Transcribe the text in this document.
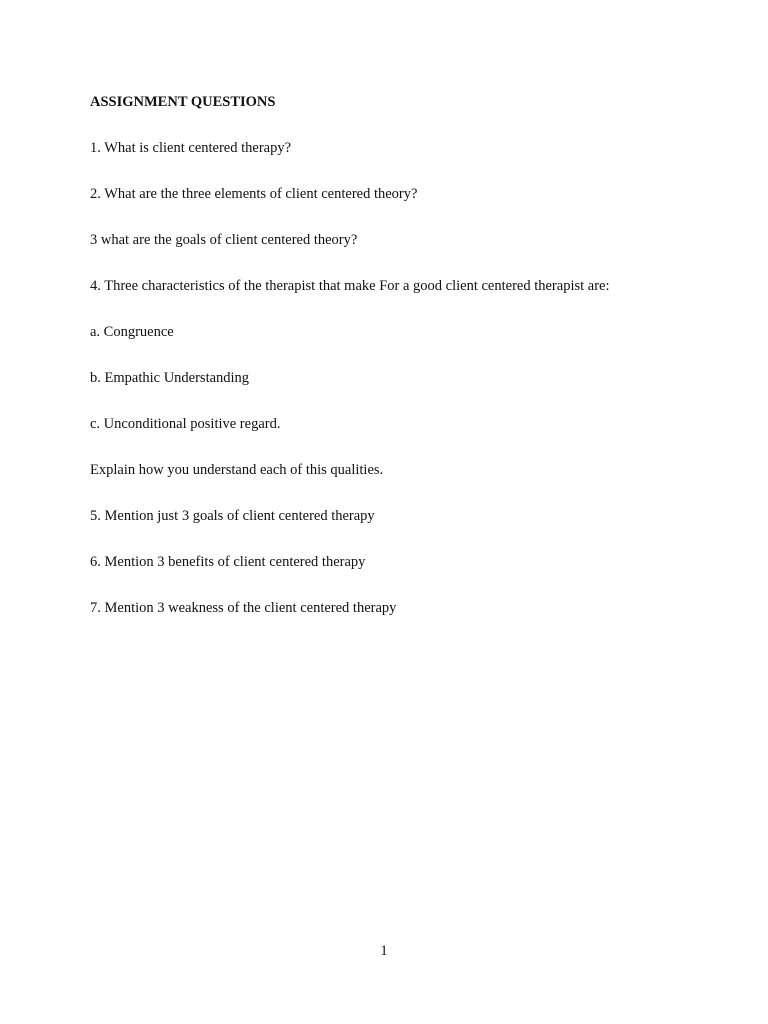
ASSIGNMENT QUESTIONS
1. What is client centered therapy?
2. What are the three elements of client centered theory?
3 what are the goals of client centered theory?
4. Three characteristics of the therapist that make For a good client centered therapist are:
a. Congruence
b. Empathic Understanding
c. Unconditional positive regard.
Explain how you understand each of this qualities.
5. Mention just 3 goals of client centered therapy
6. Mention 3 benefits of client centered therapy
7. Mention 3 weakness of the client centered therapy
1
